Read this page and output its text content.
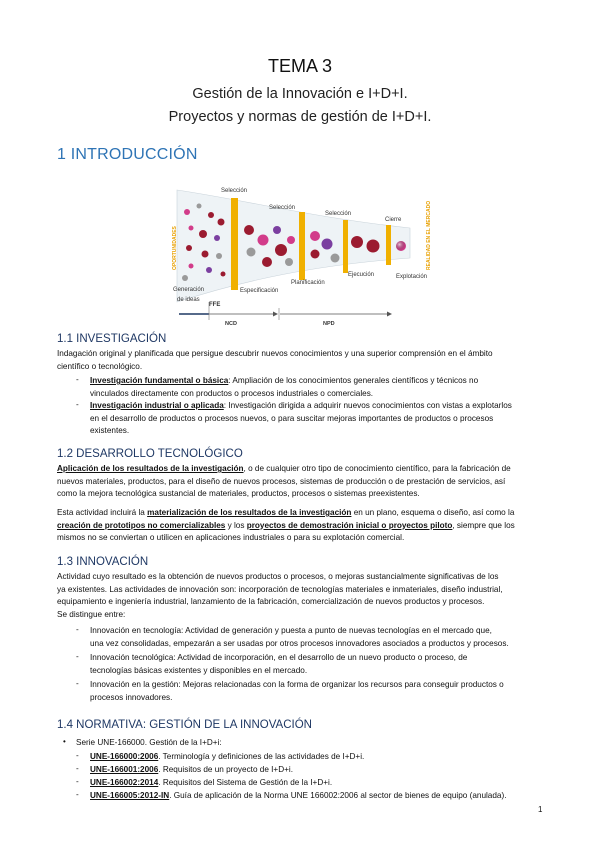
TEMA 3
Gestión de la Innovación e I+D+I.
Proyectos y normas de gestión de I+D+I.
1 INTRODUCCIÓN
Selección
Selección
Selección
Cierre
OPORTUNIDADES	REALIDAD EN EL MERCADO
Generación
de ideas
FFE
Especificación
Planificación
Ejecución	Explotación
NCD	NPD
1.1 INVESTIGACIÓN
Indagación original y planificada que persigue descubrir nuevos conocimientos y una superior comprensión en el ámbito
científico o tecnológico.
- Investigación fundamental o básica: Ampliación de los conocimientos generales científicos y técnicos no
vinculados directamente con productos o procesos industriales o comerciales.
- Investigación industrial o aplicada: Investigación dirigida a adquirir nuevos conocimientos con vistas a explotarlos
en el desarrollo de productos o procesos nuevos, o para suscitar mejoras importantes de productos o procesos
existentes.
1.2 DESARROLLO TECNOLÓGICO
Aplicación de los resultados de la investigación, o de cualquier otro tipo de conocimiento científico, para la fabricación de
nuevos materiales, productos, para el diseño de nuevos procesos, sistemas de producción o de prestación de servicios, así
como la mejora tecnológica sustancial de materiales, productos, procesos o sistemas preexistentes.
Esta actividad incluirá la materialización de los resultados de la investigación en un plano, esquema o diseño, así como la
creación de prototipos no comercializables y los proyectos de demostración inicial o proyectos piloto, siempre que los
mismos no se conviertan o utilicen en aplicaciones industriales o para su explotación comercial.
1.3 INNOVACIÓN
Actividad cuyo resultado es la obtención de nuevos productos o procesos, o mejoras sustancialmente significativas de los
ya existentes. Las actividades de innovación son: incorporación de tecnologías materiales e inmateriales, diseño industrial,
equipamiento e ingeniería industrial, lanzamiento de la fabricación, comercialización de nuevos productos y procesos.
Se distingue entre:
- Innovación en tecnología: Actividad de generación y puesta a punto de nuevas tecnologías en el mercado que,
una vez consolidadas, empezarán a ser usadas por otros procesos innovadores asociados a productos y procesos.
- Innovación tecnológica: Actividad de incorporación, en el desarrollo de un nuevo producto o proceso, de
tecnologías básicas existentes y disponibles en el mercado.
- Innovación en la gestión: Mejoras relacionadas con la forma de organizar los recursos para conseguir productos o
procesos innovadores.
1.4 NORMATIVA: GESTIÓN DE LA INNOVACIÓN
• Serie UNE-166000. Gestión de la I+D+i:
- UNE-166000:2006. Terminología y definiciones de las actividades de I+D+i.
- UNE-166001:2006. Requisitos de un proyecto de I+D+i.
- UNE-166002:2014. Requisitos del Sistema de Gestión de la I+D+i.
- UNE-166005:2012-IN. Guía de aplicación de la Norma UNE 166002:2006 al sector de bienes de equipo (anulada).
1
